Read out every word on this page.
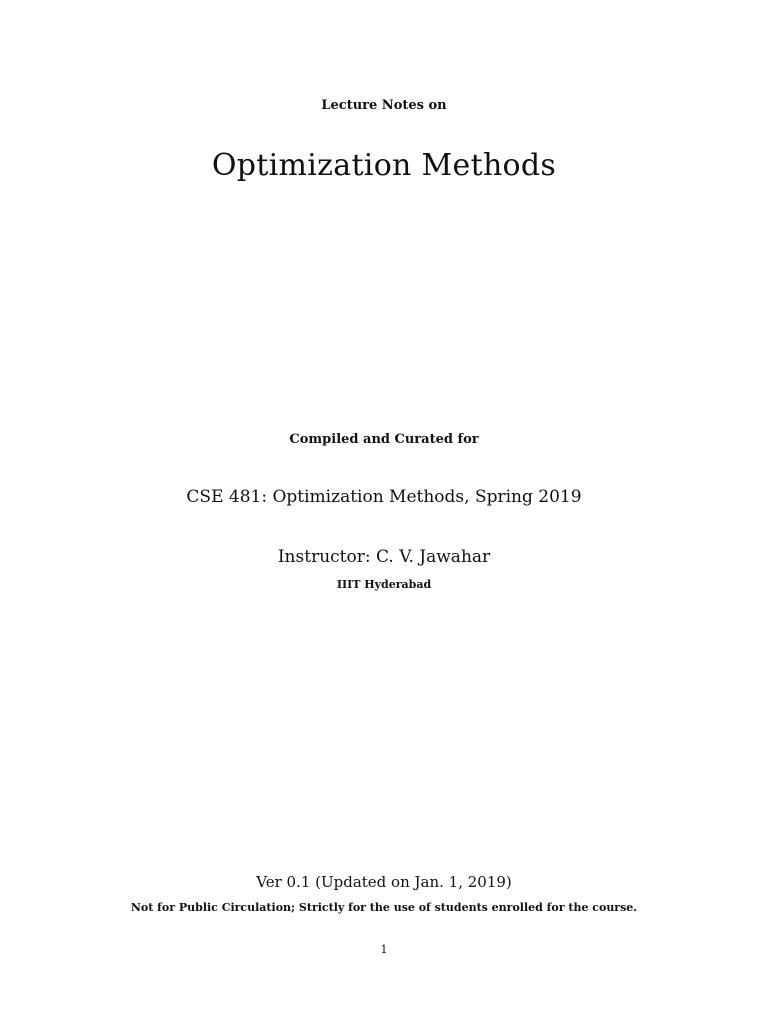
Lecture Notes on
Optimization Methods
Compiled and Curated for
CSE 481: Optimization Methods, Spring 2019
Instructor: C. V. Jawahar
IIIT Hyderabad
Ver 0.1 (Updated on Jan. 1, 2019)
Not for Public Circulation; Strictly for the use of students enrolled for the course.
1
